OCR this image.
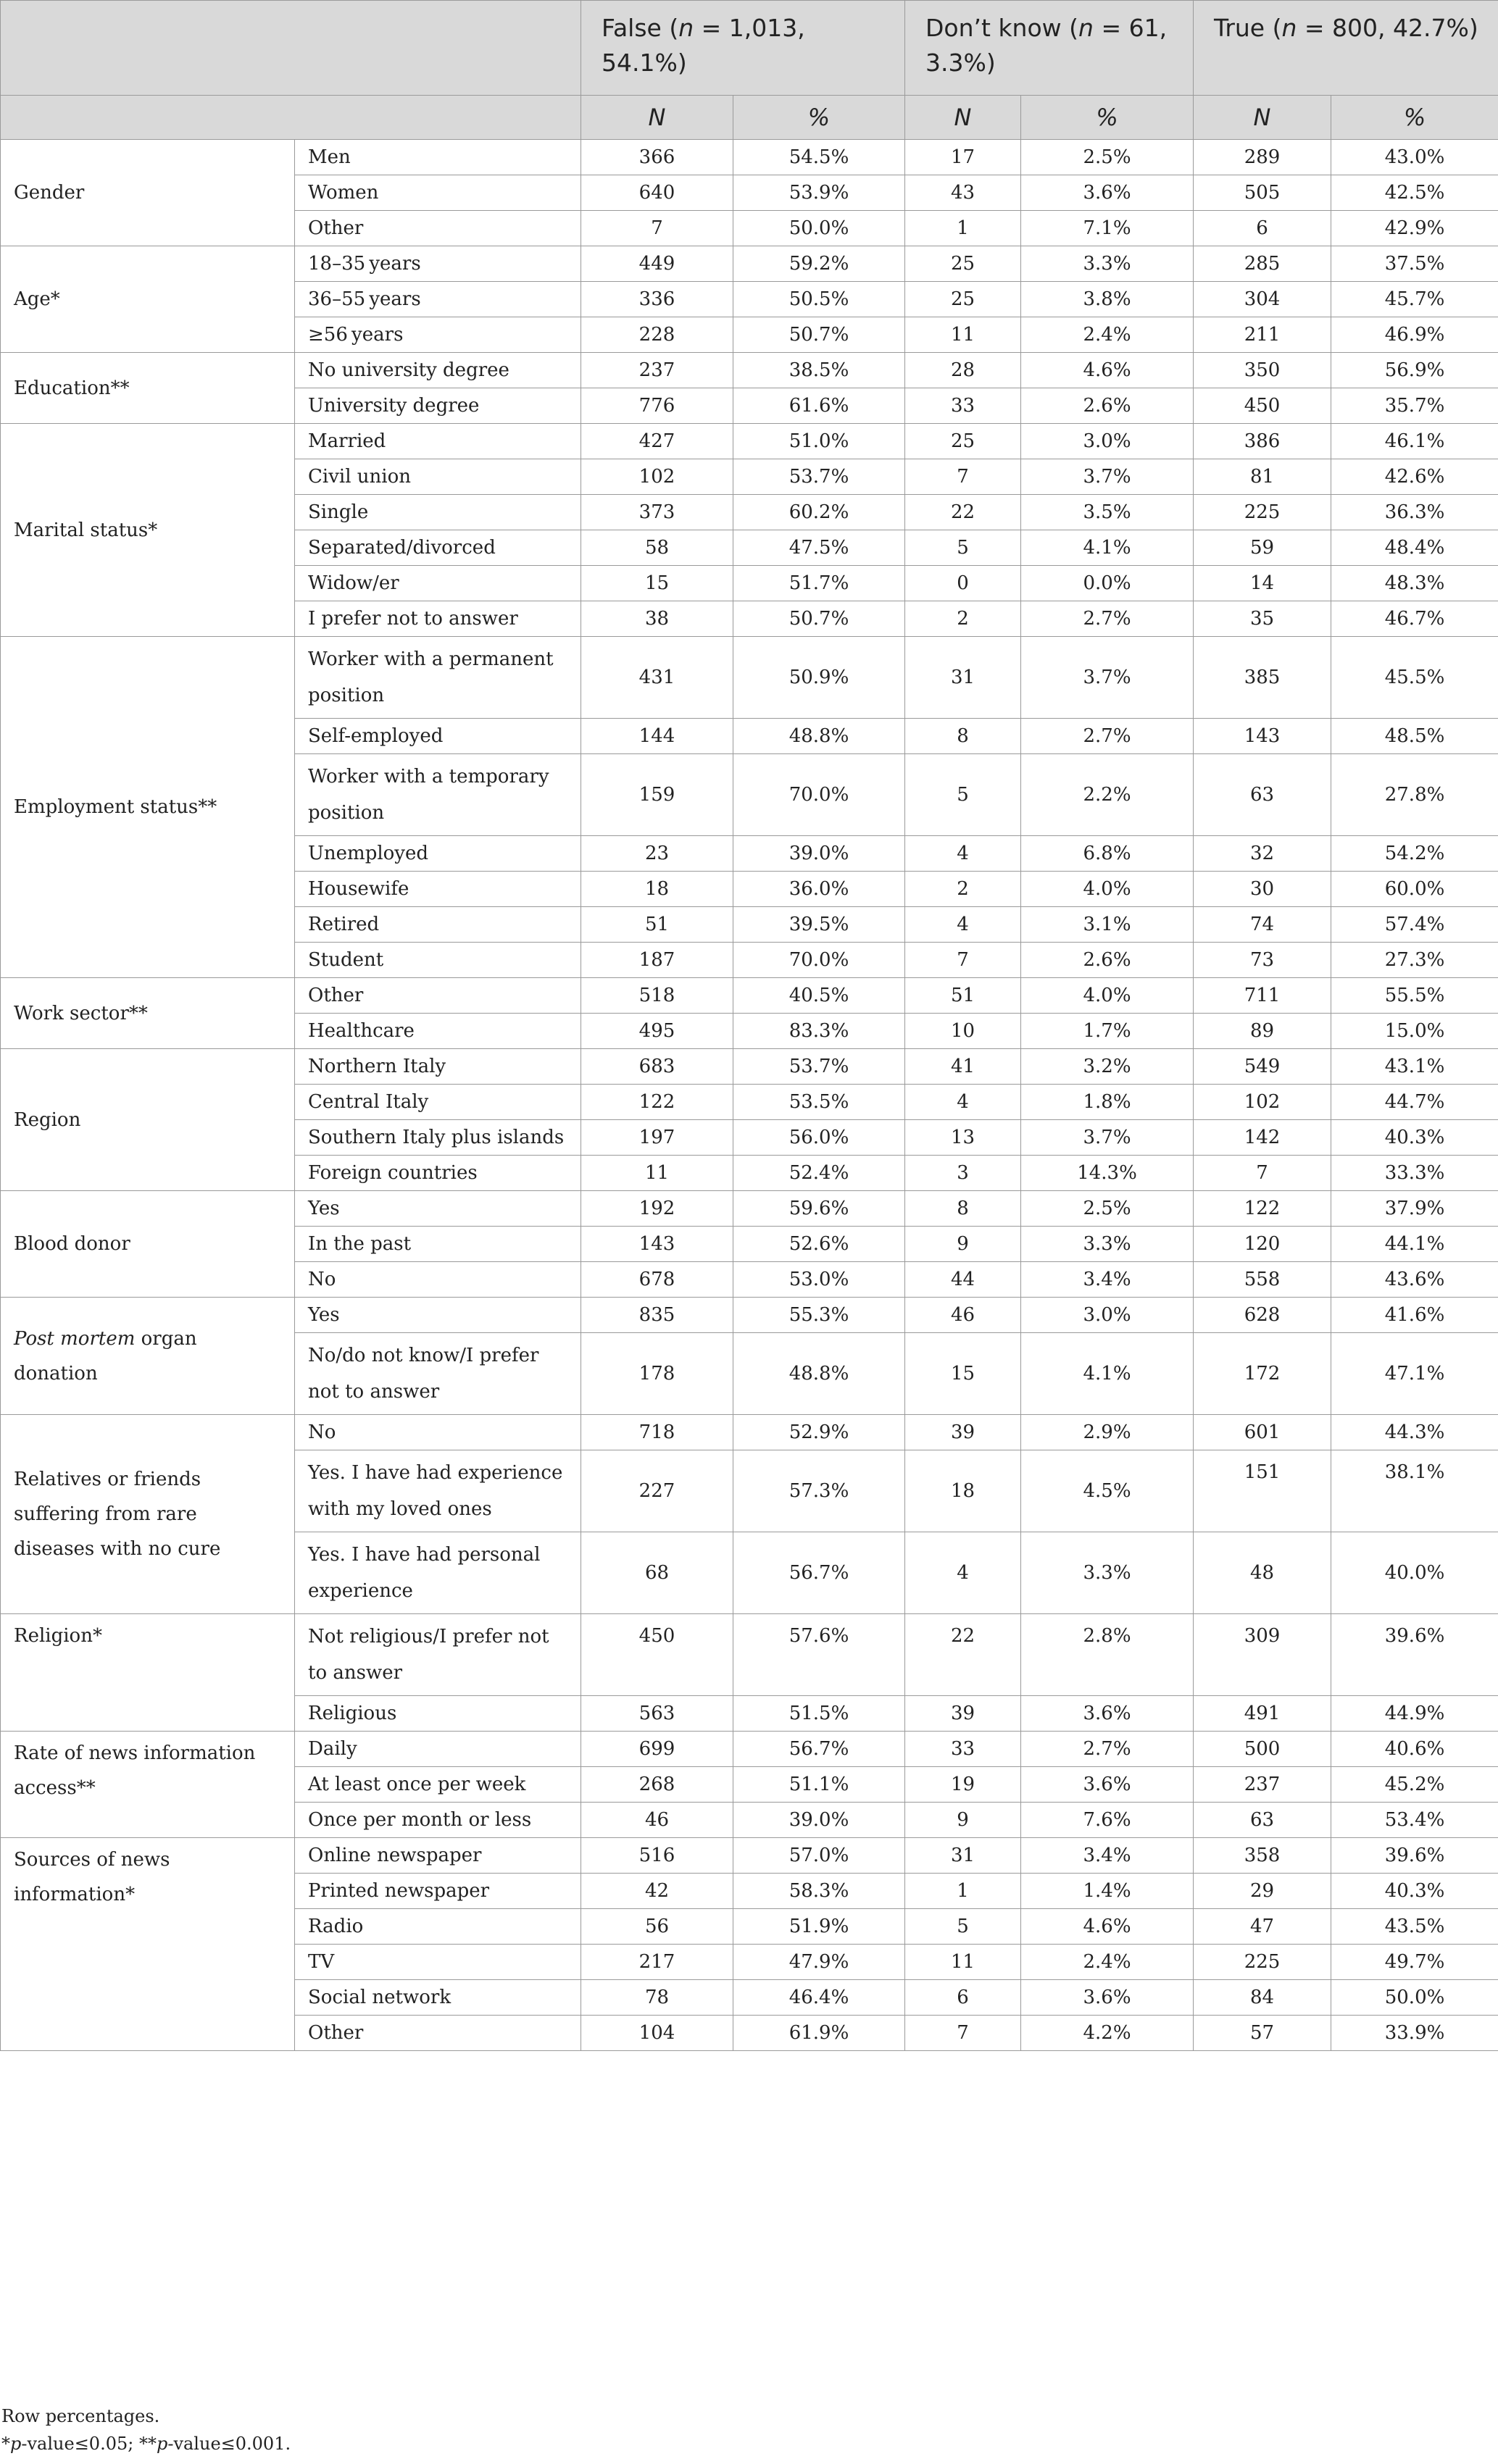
		False (n = 1,013, 54.1%)		Don’t know (n = 61, 3.3%)		True (n = 800, 42.7%)	
		N	%	N	%	N	%
Gender	Men	366	54.5%	17	2.5%	289	43.0%
	Women	640	53.9%	43	3.6%	505	42.5%
	Other	7	50.0%	1	7.1%	6	42.9%
Age*	18–35 years	449	59.2%	25	3.3%	285	37.5%
	36–55 years	336	50.5%	25	3.8%	304	45.7%
	≥56 years	228	50.7%	11	2.4%	211	46.9%
Education**	No university degree	237	38.5%	28	4.6%	350	56.9%
	University degree	776	61.6%	33	2.6%	450	35.7%
Marital status*	Married	427	51.0%	25	3.0%	386	46.1%
	Civil union	102	53.7%	7	3.7%	81	42.6%
	Single	373	60.2%	22	3.5%	225	36.3%
	Separated/divorced	58	47.5%	5	4.1%	59	48.4%
	Widow/er	15	51.7%	0	0.0%	14	48.3%
	I prefer not to answer	38	50.7%	2	2.7%	35	46.7%
Employment status**	Worker with a permanent position	431	50.9%	31	3.7%	385	45.5%
	Self-employed	144	48.8%	8	2.7%	143	48.5%
	Worker with a temporary position	159	70.0%	5	2.2%	63	27.8%
	Unemployed	23	39.0%	4	6.8%	32	54.2%
	Housewife	18	36.0%	2	4.0%	30	60.0%
	Retired	51	39.5%	4	3.1%	74	57.4%
	Student	187	70.0%	7	2.6%	73	27.3%
Work sector**	Other	518	40.5%	51	4.0%	711	55.5%
	Healthcare	495	83.3%	10	1.7%	89	15.0%
Region	Northern Italy	683	53.7%	41	3.2%	549	43.1%
	Central Italy	122	53.5%	4	1.8%	102	44.7%
	Southern Italy plus islands	197	56.0%	13	3.7%	142	40.3%
	Foreign countries	11	52.4%	3	14.3%	7	33.3%
Blood donor	Yes	192	59.6%	8	2.5%	122	37.9%
	In the past	143	52.6%	9	3.3%	120	44.1%
	No	678	53.0%	44	3.4%	558	43.6%
Post mortem organ donation	Yes	835	55.3%	46	3.0%	628	41.6%
	No/do not know/I prefer not to answer	178	48.8%	15	4.1%	172	47.1%
Relatives or friends suffering from rare diseases with no cure	No	718	52.9%	39	2.9%	601	44.3%
	Yes. I have had experience with my loved ones	227	57.3%	18	4.5%	151	38.1%
	Yes. I have had personal experience	68	56.7%	4	3.3%	48	40.0%
Religion*	Not religious/I prefer not to answer	450	57.6%	22	2.8%	309	39.6%
	Religious	563	51.5%	39	3.6%	491	44.9%
Rate of news information access**	Daily	699	56.7%	33	2.7%	500	40.6%
	At least once per week	268	51.1%	19	3.6%	237	45.2%
	Once per month or less	46	39.0%	9	7.6%	63	53.4%
Sources of news information*	Online newspaper	516	57.0%	31	3.4%	358	39.6%
	Printed newspaper	42	58.3%	1	1.4%	29	40.3%
	Radio	56	51.9%	5	4.6%	47	43.5%
	TV	217	47.9%	11	2.4%	225	49.7%
	Social network	78	46.4%	6	3.6%	84	50.0%
	Other	104	61.9%	7	4.2%	57	33.9%
Row percentages.
*p-value≤0.05; **p-value≤0.001.
